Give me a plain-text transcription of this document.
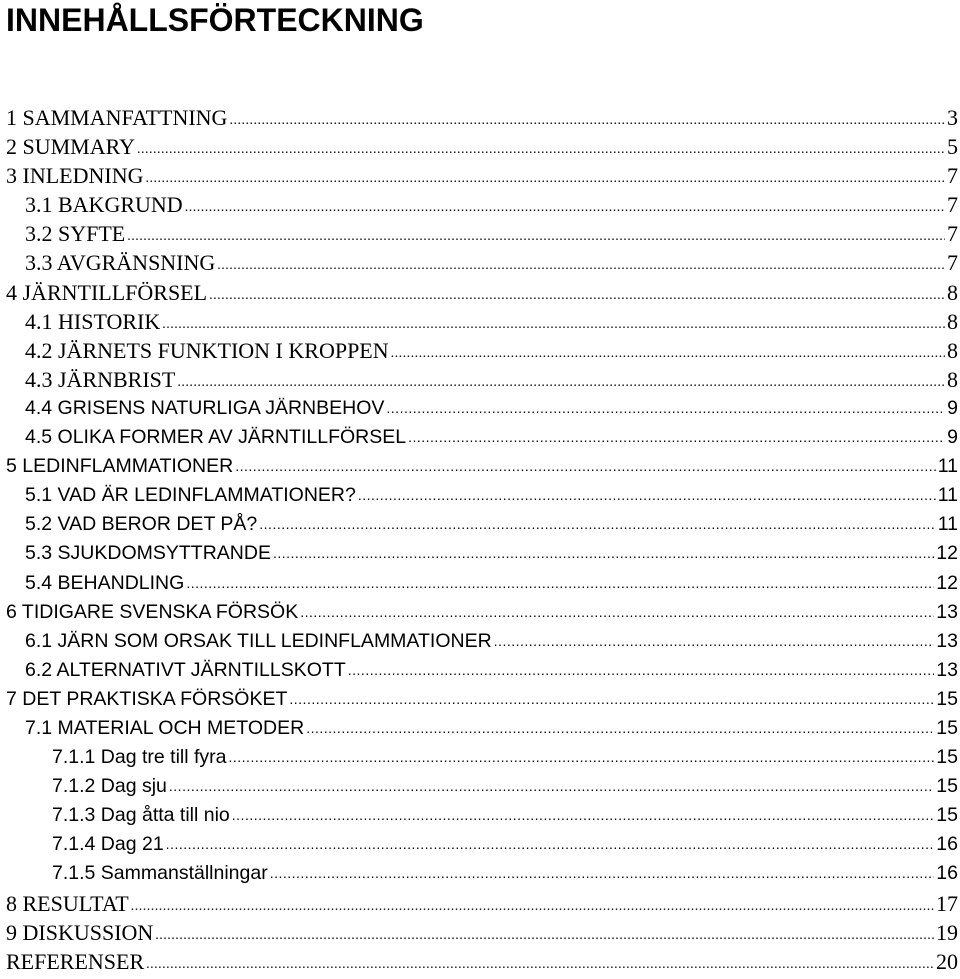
INNEHÅLLSFÖRTECKNING
1 SAMMANFATTNING .....	3
2 SUMMARY .....	5
3 INLEDNING .....	7
3.1 BAKGRUND .....	7
3.2 SYFTE .....	7
3.3 AVGRÄNSNING .....	7
4 JÄRNTILLFÖRSEL .....	8
4.1 HISTORIK .....	8
4.2 JÄRNETS FUNKTION I KROPPEN .....	8
4.3 JÄRNBRIST .....	8
4.4 GRISENS NATURLIGA JÄRNBEHOV .....	9
4.5 OLIKA FORMER AV JÄRNTILLFÖRSEL .....	9
5 LEDINFLAMMATIONER .....	11
5.1 VAD ÄR LEDINFLAMMATIONER? .....	11
5.2 VAD BEROR DET PÅ? .....	11
5.3 SJUKDOMSYTTRANDE .....	12
5.4 BEHANDLING .....	12
6 TIDIGARE SVENSKA FÖRSÖK .....	13
6.1 JÄRN SOM ORSAK TILL LEDINFLAMMATIONER .....	13
6.2 ALTERNATIVT JÄRNTILLSKOTT .....	13
7 DET PRAKTISKA FÖRSÖKET .....	15
7.1 MATERIAL OCH METODER .....	15
7.1.1 Dag tre till fyra .....	15
7.1.2 Dag sju .....	15
7.1.3 Dag åtta till nio .....	15
7.1.4 Dag 21 .....	16
7.1.5 Sammanställningar .....	16
8 RESULTAT .....	17
9 DISKUSSION .....	19
REFERENSER .....	20
